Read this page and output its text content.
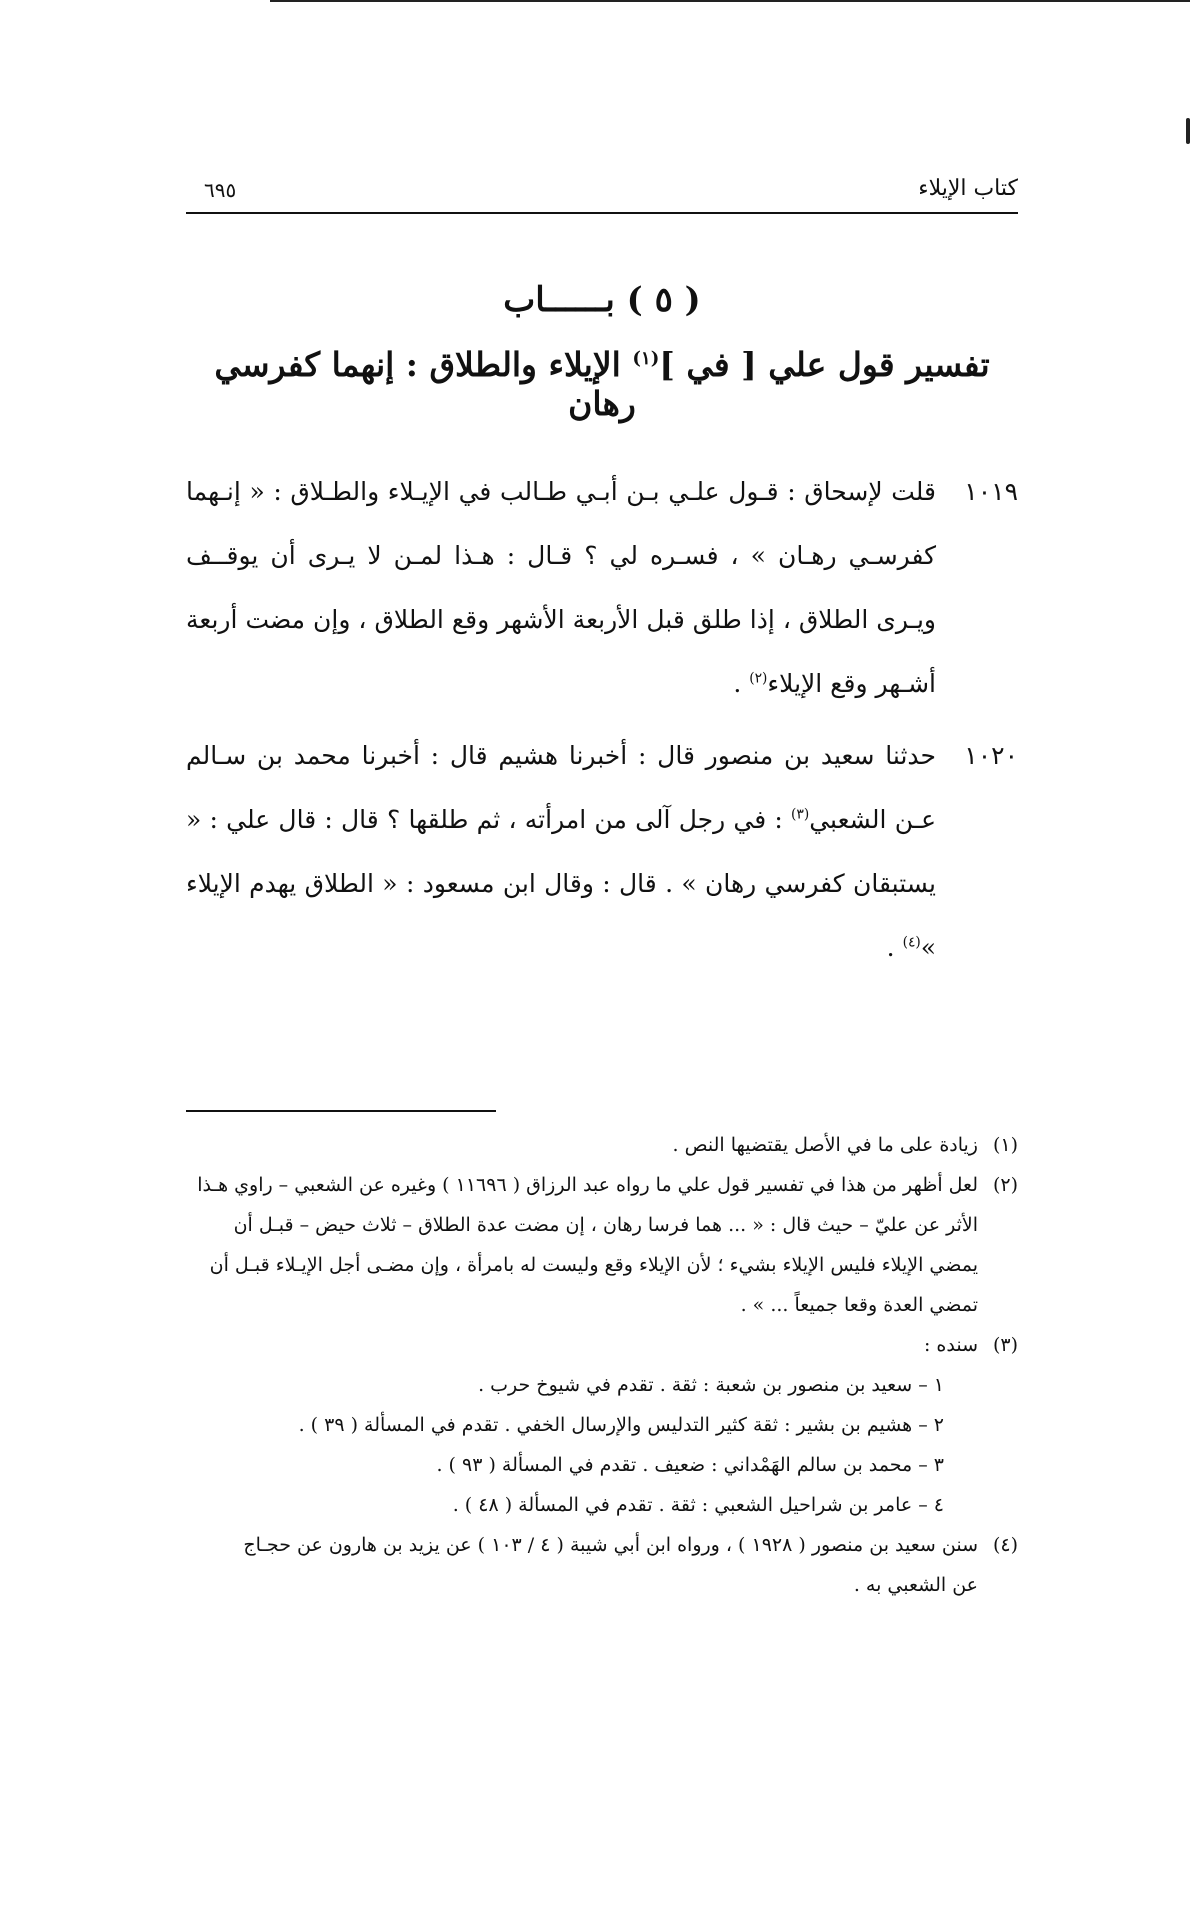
كتاب الإيلاء
٦٩٥
( ٥ ) بــــــاب
تفسير قول علي [ في ]$^{(١)}$ الإيلاء والطلاق : إنهما كفرسي رهان
١٠١٩
قلت لإسحاق : قـول علـي بـن أبـي طـالب في الإيـلاء والطـلاق : « إنـهما كفرسـي رهـان » ، فسـره لي ؟ قـال : هـذا لمـن لا يـرى أن يوقــف ويـرى الطلاق ، إذا طلق قبل الأربعة الأشهر وقع الطلاق ، وإن مضت أربعة أشـهر وقع الإيلاء$^{(٢)}$ .
١٠٢٠
حدثنا سعيد بن منصور قال : أخبرنا هشيم قال : أخبرنا محمد بن سـالم عـن الشعبي$^{(٣)}$ : في رجل آلى من امرأته ، ثم طلقها ؟ قال : قال علي : « يستبقان كفرسي رهان » . قال : وقال ابن مسعود : « الطلاق يهدم الإيلاء »$^{(٤)}$ .
(١)
زيادة على ما في الأصل يقتضيها النص .
(٢)
لعل أظهر من هذا في تفسير قول علي ما رواه عبد الرزاق ( ١١٦٩٦ ) وغيره عن الشعبي – راوي هـذا
الأثر عن عليّ – حيث قال : « ... هما فرسا رهان ، إن مضت عدة الطلاق – ثلاث حيض – قبـل أن
يمضي الإيلاء فليس الإيلاء بشيء ؛ لأن الإيلاء وقع وليست له بامرأة ، وإن مضـى أجل الإيـلاء قبـل أن
تمضي العدة وقعا جميعاً ... » .
(٣)
سنده :
١ – سعيد بن منصور بن شعبة : ثقة . تقدم في شيوخ حرب .
٢ – هشيم بن بشير : ثقة كثير التدليس والإرسال الخفي . تقدم في المسألة ( ٣٩ ) .
٣ – محمد بن سالم الهَمْداني : ضعيف . تقدم في المسألة ( ٩٣ ) .
٤ – عامر بن شراحيل الشعبي : ثقة . تقدم في المسألة ( ٤٨ ) .
(٤)
سنن سعيد بن منصور ( ١٩٢٨ ) ، ورواه ابن أبي شيبة ( ٤ / ١٠٣ ) عن يزيد بن هارون عن حجـاج
عن الشعبي به .
